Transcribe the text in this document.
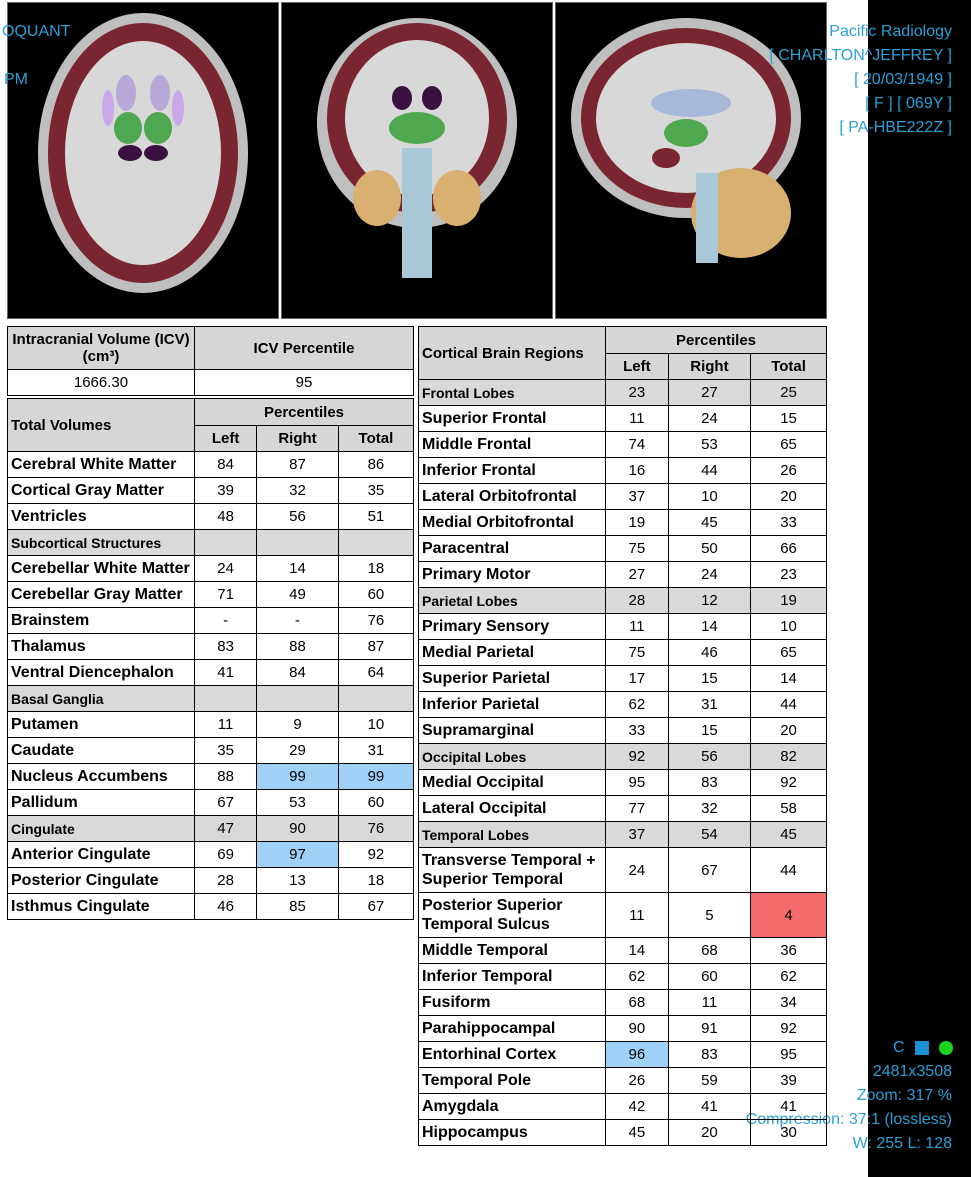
OQUANT
PM
Pacific Radiology
[ CHARLTON^JEFFREY ]
[ 20/03/1949 ]
[ F ] [ 069Y ]
[ PA-HBE222Z ]
C
2481x3508
Zoom: 317 %
Compression: 37:1 (lossless)
W: 255 L: 128
Intracranial Volume (ICV) (cm³)	ICV Percentile
1666.30	95
Total Volumes	Percentiles		
	Left	Right	Total
Cerebral White Matter	84	87	86
Cortical Gray Matter	39	32	35
Ventricles	48	56	51
Subcortical Structures			
Cerebellar White Matter	24	14	18
Cerebellar Gray Matter	71	49	60
Brainstem	-	-	76
Thalamus	83	88	87
Ventral Diencephalon	41	84	64
Basal Ganglia			
Putamen	11	9	10
Caudate	35	29	31
Nucleus Accumbens	88	99	99
Pallidum	67	53	60
Cingulate	47	90	76
Anterior Cingulate	69	97	92
Posterior Cingulate	28	13	18
Isthmus Cingulate	46	85	67
Cortical Brain Regions	Percentiles		
	Left	Right	Total
Frontal Lobes	23	27	25
Superior Frontal	11	24	15
Middle Frontal	74	53	65
Inferior Frontal	16	44	26
Lateral Orbitofrontal	37	10	20
Medial Orbitofrontal	19	45	33
Paracentral	75	50	66
Primary Motor	27	24	23
Parietal Lobes	28	12	19
Primary Sensory	11	14	10
Medial Parietal	75	46	65
Superior Parietal	17	15	14
Inferior Parietal	62	31	44
Supramarginal	33	15	20
Occipital Lobes	92	56	82
Medial Occipital	95	83	92
Lateral Occipital	77	32	58
Temporal Lobes	37	54	45
Transverse Temporal + Superior Temporal	24	67	44
Posterior Superior Temporal Sulcus	11	5	4
Middle Temporal	14	68	36
Inferior Temporal	62	60	62
Fusiform	68	11	34
Parahippocampal	90	91	92
Entorhinal Cortex	96	83	95
Temporal Pole	26	59	39
Amygdala	42	41	41
Hippocampus	45	20	30
